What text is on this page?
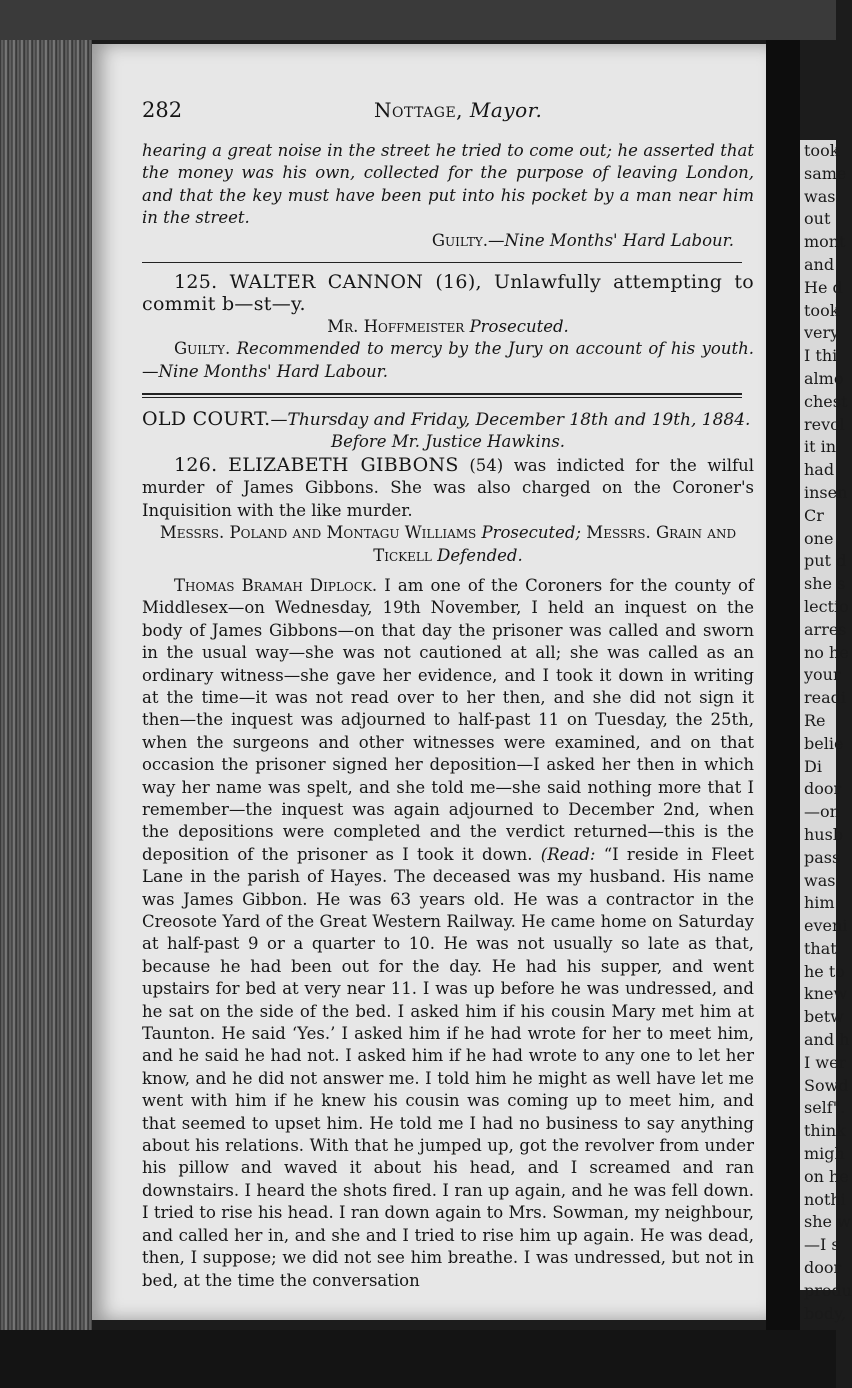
282	Nottage, Mayor.

hearing a great noise in the street he tried to come out; he asserted that the money was his own, collected for the purpose of leaving London, and that the key must have been put into his pocket by a man near him in the street.

Guilty.—Nine Months' Hard Labour.

125. WALTER CANNON (16), Unlawfully attempting to commit b—st—y.

Mr. Hoffmeister Prosecuted.

Guilty. Recommended to mercy by the Jury on account of his youth.—Nine Months' Hard Labour.

OLD COURT.—Thursday and Friday, December 18th and 19th, 1884.

Before Mr. Justice Hawkins.

126. ELIZABETH GIBBONS (54) was indicted for the wilful murder of James Gibbons. She was also charged on the Coroner's Inquisition with the like murder.

Messrs. Poland and Montagu Williams Prosecuted; Messrs. Grain and Tickell Defended.

Thomas Bramah Diplock. I am one of the Coroners for the county of Middlesex—on Wednesday, 19th November, I held an inquest on the body of James Gibbons—on that day the prisoner was called and sworn in the usual way—she was not cautioned at all; she was called as an ordinary witness—she gave her evidence, and I took it down in writing at the time—it was not read over to her then, and she did not sign it then—the inquest was adjourned to half-past 11 on Tuesday, the 25th, when the surgeons and other witnesses were examined, and on that occasion the prisoner signed her deposition—I asked her then in which way her name was spelt, and she told me—she said nothing more that I remember—the inquest was again adjourned to December 2nd, when the depositions were completed and the verdict returned—this is the deposition of the prisoner as I took it down. (Read: “I reside in Fleet Lane in the parish of Hayes. The deceased was my husband. His name was James Gibbon. He was 63 years old. He was a contractor in the Creosote Yard of the Great Western Railway. He came home on Saturday at half-past 9 or a quarter to 10. He was not usually so late as that, because he had been out for the day. He had his supper, and went upstairs for bed at very near 11. I was up before he was undressed, and he sat on the side of the bed. I asked him if his cousin Mary met him at Taunton. He said ‘Yes.’ I asked him if he had wrote for her to meet him, and he said he had not. I asked him if he had wrote to any one to let her know, and he did not answer me. I told him he might as well have let me went with him if he knew his cousin was coming up to meet him, and that seemed to upset him. He told me I had no business to say anything about his relations. With that he jumped up, got the revolver from under his pillow and waved it about his head, and I screamed and ran downstairs. I heard the shots fired. I ran up again, and he was fell down. I tried to rise his head. I ran down again to Mrs. Sowman, my neighbour, and called her in, and she and I tried to rise him up again. He was dead, then, I suppose; we did not see him breathe. I was undressed, but not in bed, at the time the conversation

took
same
was
out
mont
and
He d
took
very
I thi
almo
chest
revol
it in
had
insen
Cr
one
put d
she s
lectio
arres
no he
your
readi
Re
belie
Di
door
—on
husb
pass
was
him
eveni
that
he to
knew
betw
and h
I wer
Sowd
self".
think
migh
on he
nothi
she w
—I s
door
produ
body,
